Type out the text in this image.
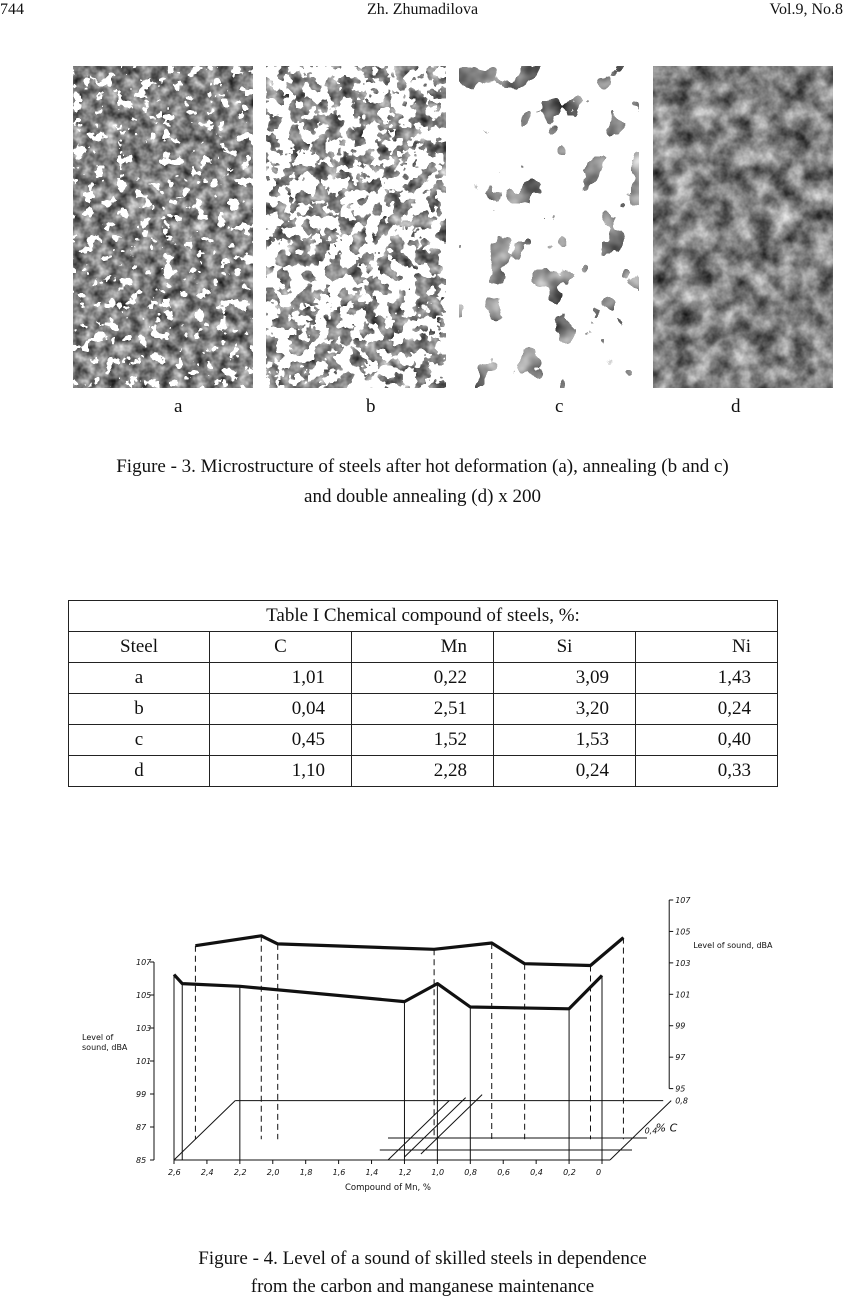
744	Zh. Zhumadilova	Vol.9, No.8
a	b	c	d
Figure - 3. Microstructure of steels after hot deformation (a), annealing (b and c)
and double annealing (d) x 200
Table I Chemical compound of steels, %:				
Steel	C	Mn	Si	Ni
a	1,01	0,22	3,09	1,43
b	0,04	2,51	3,20	0,24
c	0,45	1,52	1,53	0,40
d	1,10	2,28	0,24	0,33
2,6	2,4	2,2	2,0	1,8	1,6	1,4	1,2	1,0	0,8	0,6	0,4	0,2	0
Compound of Mn, %
85
87
99
101
103
105
107
Level of
sound, dBA
95
97
99
101
103
105
107
Level of sound, dBA
0,4
0,8
% C
Figure - 4. Level of a sound of skilled steels in dependence
from the carbon and manganese maintenance
